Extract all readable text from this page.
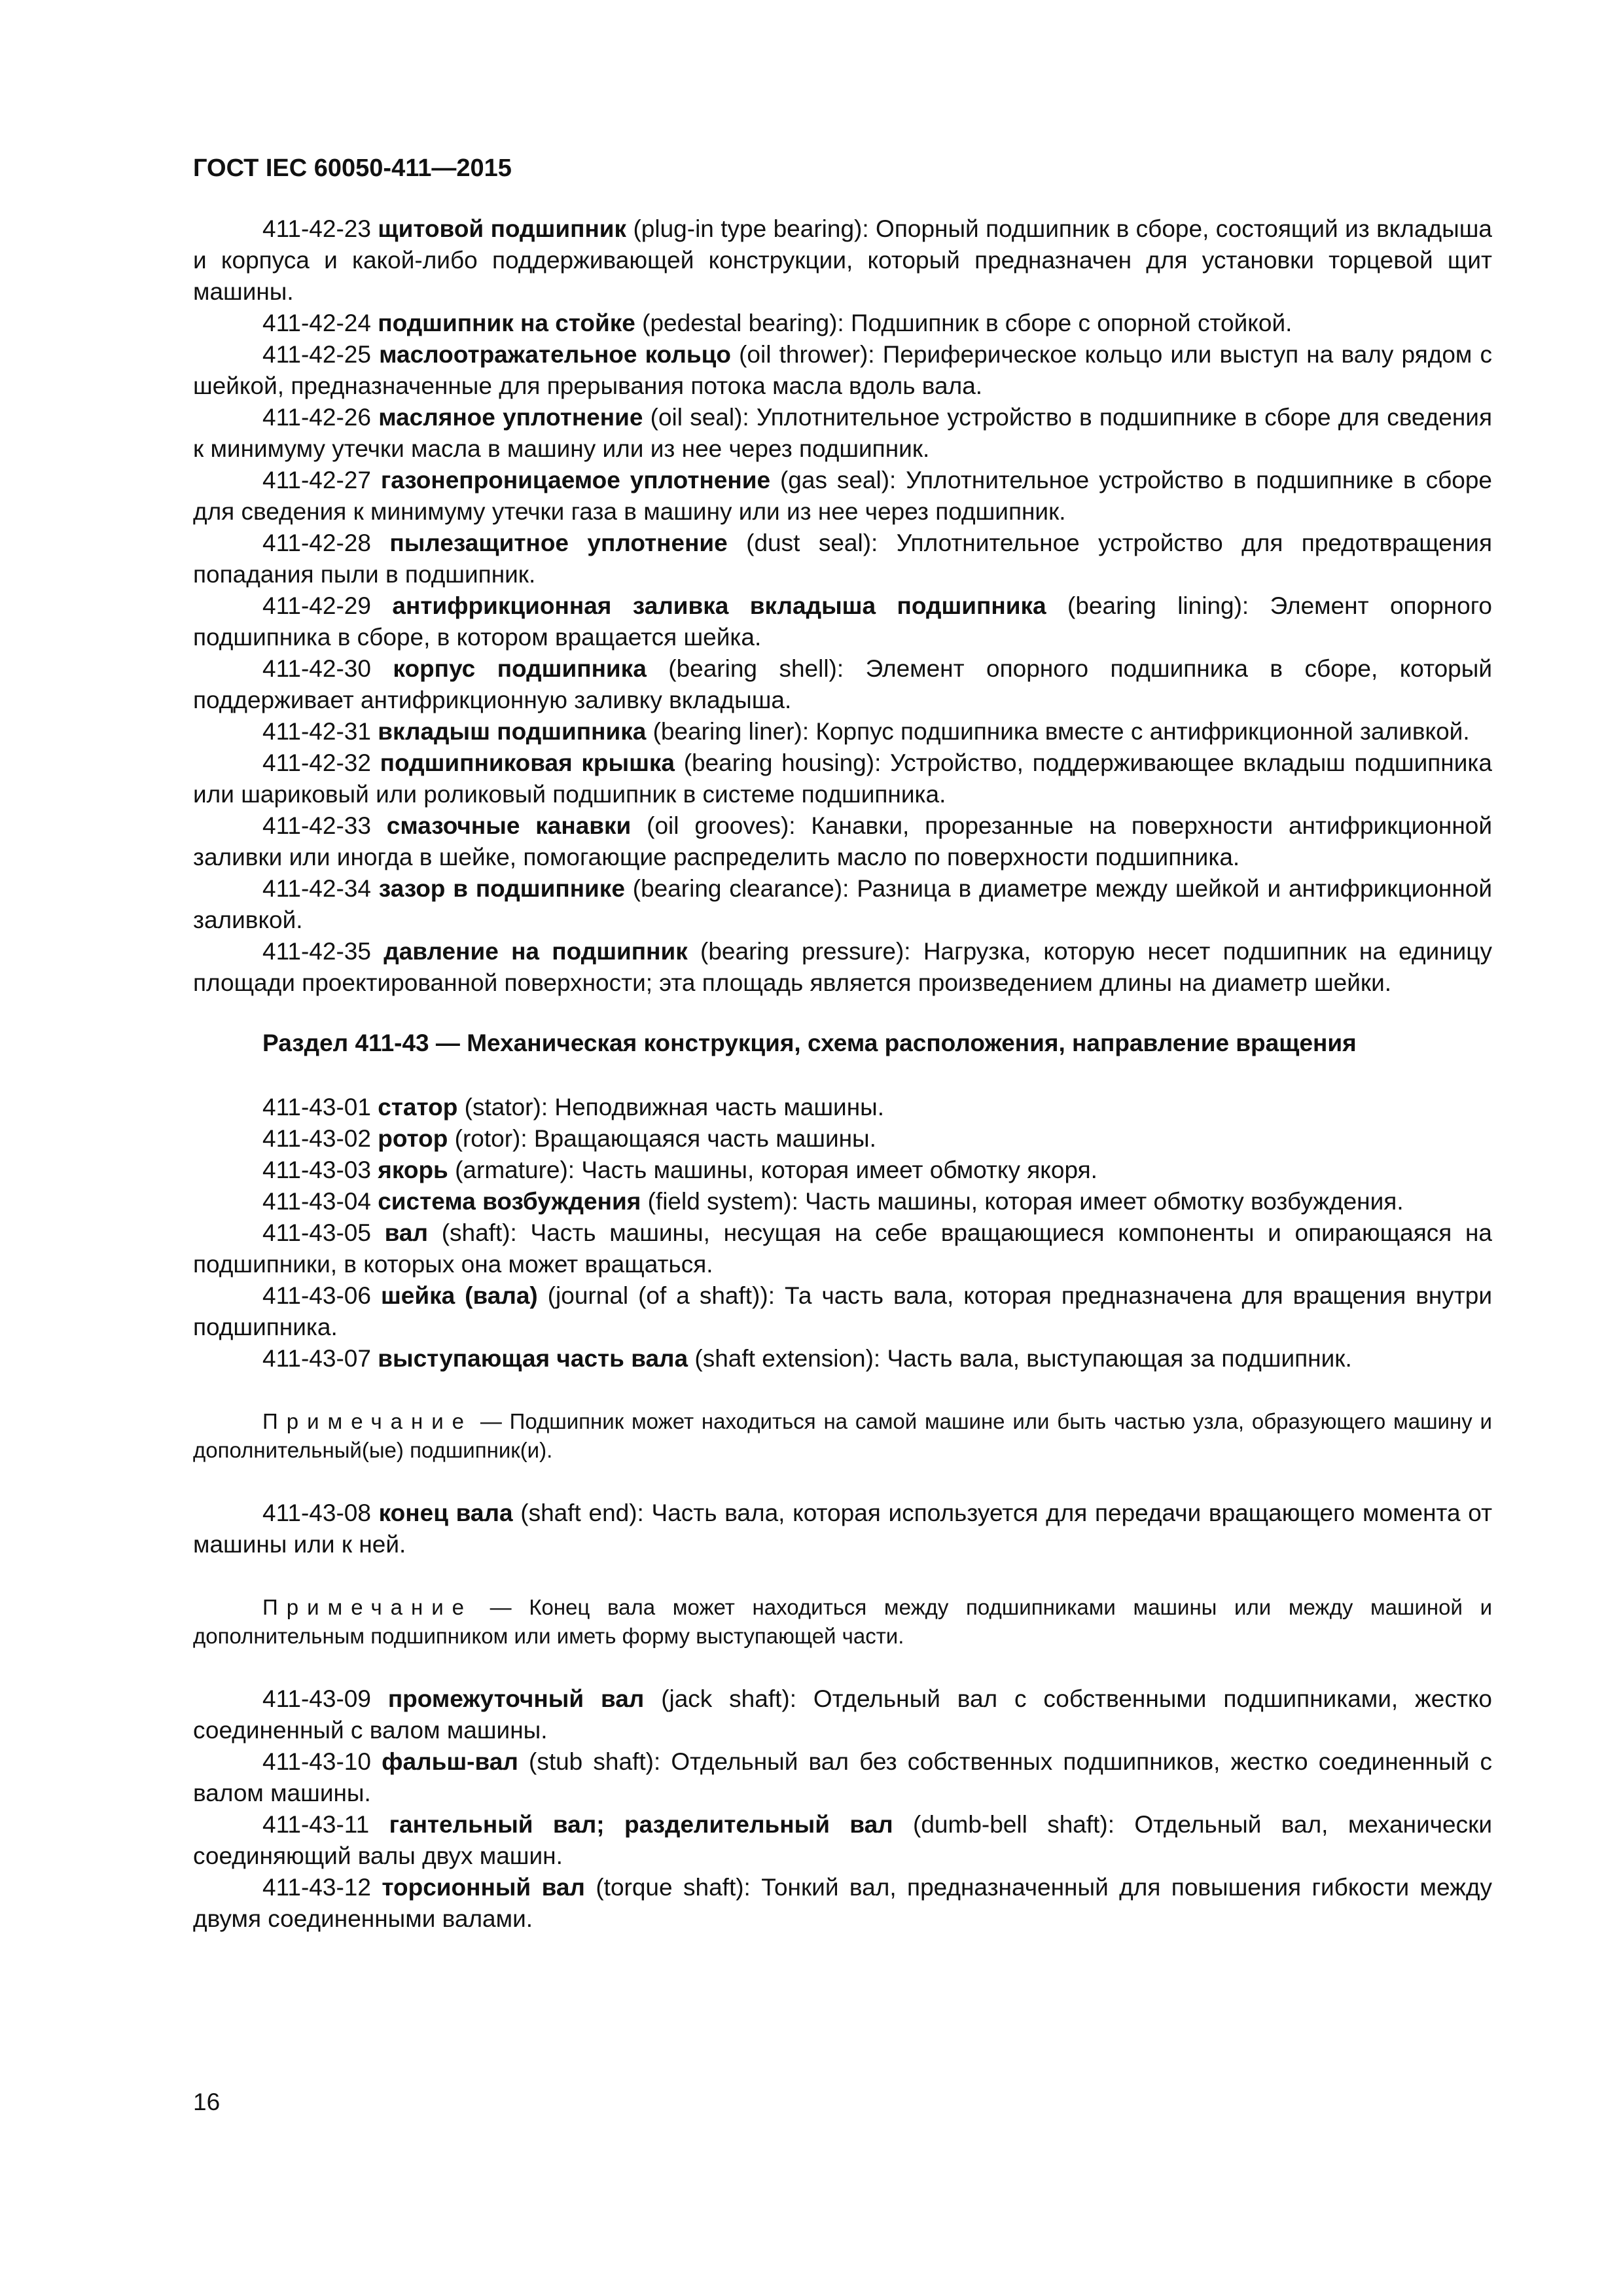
ГОСТ IEC 60050-411—2015

411-42-23 щитовой подшипник (plug-in type bearing): Опорный подшипник в сборе, состоящий из вкладыша и корпуса и какой-либо поддерживающей конструкции, который предназначен для установки торцевой щит машины.

411-42-24 подшипник на стойке (pedestal bearing): Подшипник в сборе с опорной стойкой.

411-42-25 маслоотражательное кольцо (oil thrower): Периферическое кольцо или выступ на валу рядом с шейкой, предназначенные для прерывания потока масла вдоль вала.

411-42-26 масляное уплотнение (oil seal): Уплотнительное устройство в подшипнике в сборе для сведения к минимуму утечки масла в машину или из нее через подшипник.

411-42-27 газонепроницаемое уплотнение (gas seal): Уплотнительное устройство в подшипнике в сборе для сведения к минимуму утечки газа в машину или из нее через подшипник.

411-42-28 пылезащитное уплотнение (dust seal): Уплотнительное устройство для предотвращения попадания пыли в подшипник.

411-42-29 антифрикционная заливка вкладыша подшипника (bearing lining): Элемент опорного подшипника в сборе, в котором вращается шейка.

411-42-30 корпус подшипника (bearing shell): Элемент опорного подшипника в сборе, который поддерживает антифрикционную заливку вкладыша.

411-42-31 вкладыш подшипника (bearing liner): Корпус подшипника вместе с антифрикционной заливкой.

411-42-32 подшипниковая крышка (bearing housing): Устройство, поддерживающее вкладыш подшипника или шариковый или роликовый подшипник в системе подшипника.

411-42-33 смазочные канавки (oil grooves): Канавки, прорезанные на поверхности антифрикционной заливки или иногда в шейке, помогающие распределить масло по поверхности подшипника.

411-42-34 зазор в подшипнике (bearing clearance): Разница в диаметре между шейкой и антифрикционной заливкой.

411-42-35 давление на подшипник (bearing pressure): Нагрузка, которую несет подшипник на единицу площади проектированной поверхности; эта площадь является произведением длины на диаметр шейки.

Раздел 411-43 — Механическая конструкция, схема расположения, направление вращения

411-43-01 статор (stator): Неподвижная часть машины.

411-43-02 ротор (rotor): Вращающаяся часть машины.

411-43-03 якорь (armature): Часть машины, которая имеет обмотку якоря.

411-43-04 система возбуждения (field system): Часть машины, которая имеет обмотку возбуждения.

411-43-05 вал (shaft): Часть машины, несущая на себе вращающиеся компоненты и опирающаяся на подшипники, в которых она может вращаться.

411-43-06 шейка (вала) (journal (of a shaft)): Та часть вала, которая предназначена для вращения внутри подшипника.

411-43-07 выступающая часть вала (shaft extension): Часть вала, выступающая за подшипник.

Примечание — Подшипник может находиться на самой машине или быть частью узла, образующего машину и дополнительный(ые) подшипник(и).

411-43-08 конец вала (shaft end): Часть вала, которая используется для передачи вращающего момента от машины или к ней.

Примечание — Конец вала может находиться между подшипниками машины или между машиной и дополнительным подшипником или иметь форму выступающей части.

411-43-09 промежуточный вал (jack shaft): Отдельный вал с собственными подшипниками, жестко соединенный с валом машины.

411-43-10 фальш-вал (stub shaft): Отдельный вал без собственных подшипников, жестко соединенный с валом машины.

411-43-11 гантельный вал; разделительный вал (dumb-bell shaft): Отдельный вал, механически соединяющий валы двух машин.

411-43-12 торсионный вал (torque shaft): Тонкий вал, предназначенный для повышения гибкости между двумя соединенными валами.

16
